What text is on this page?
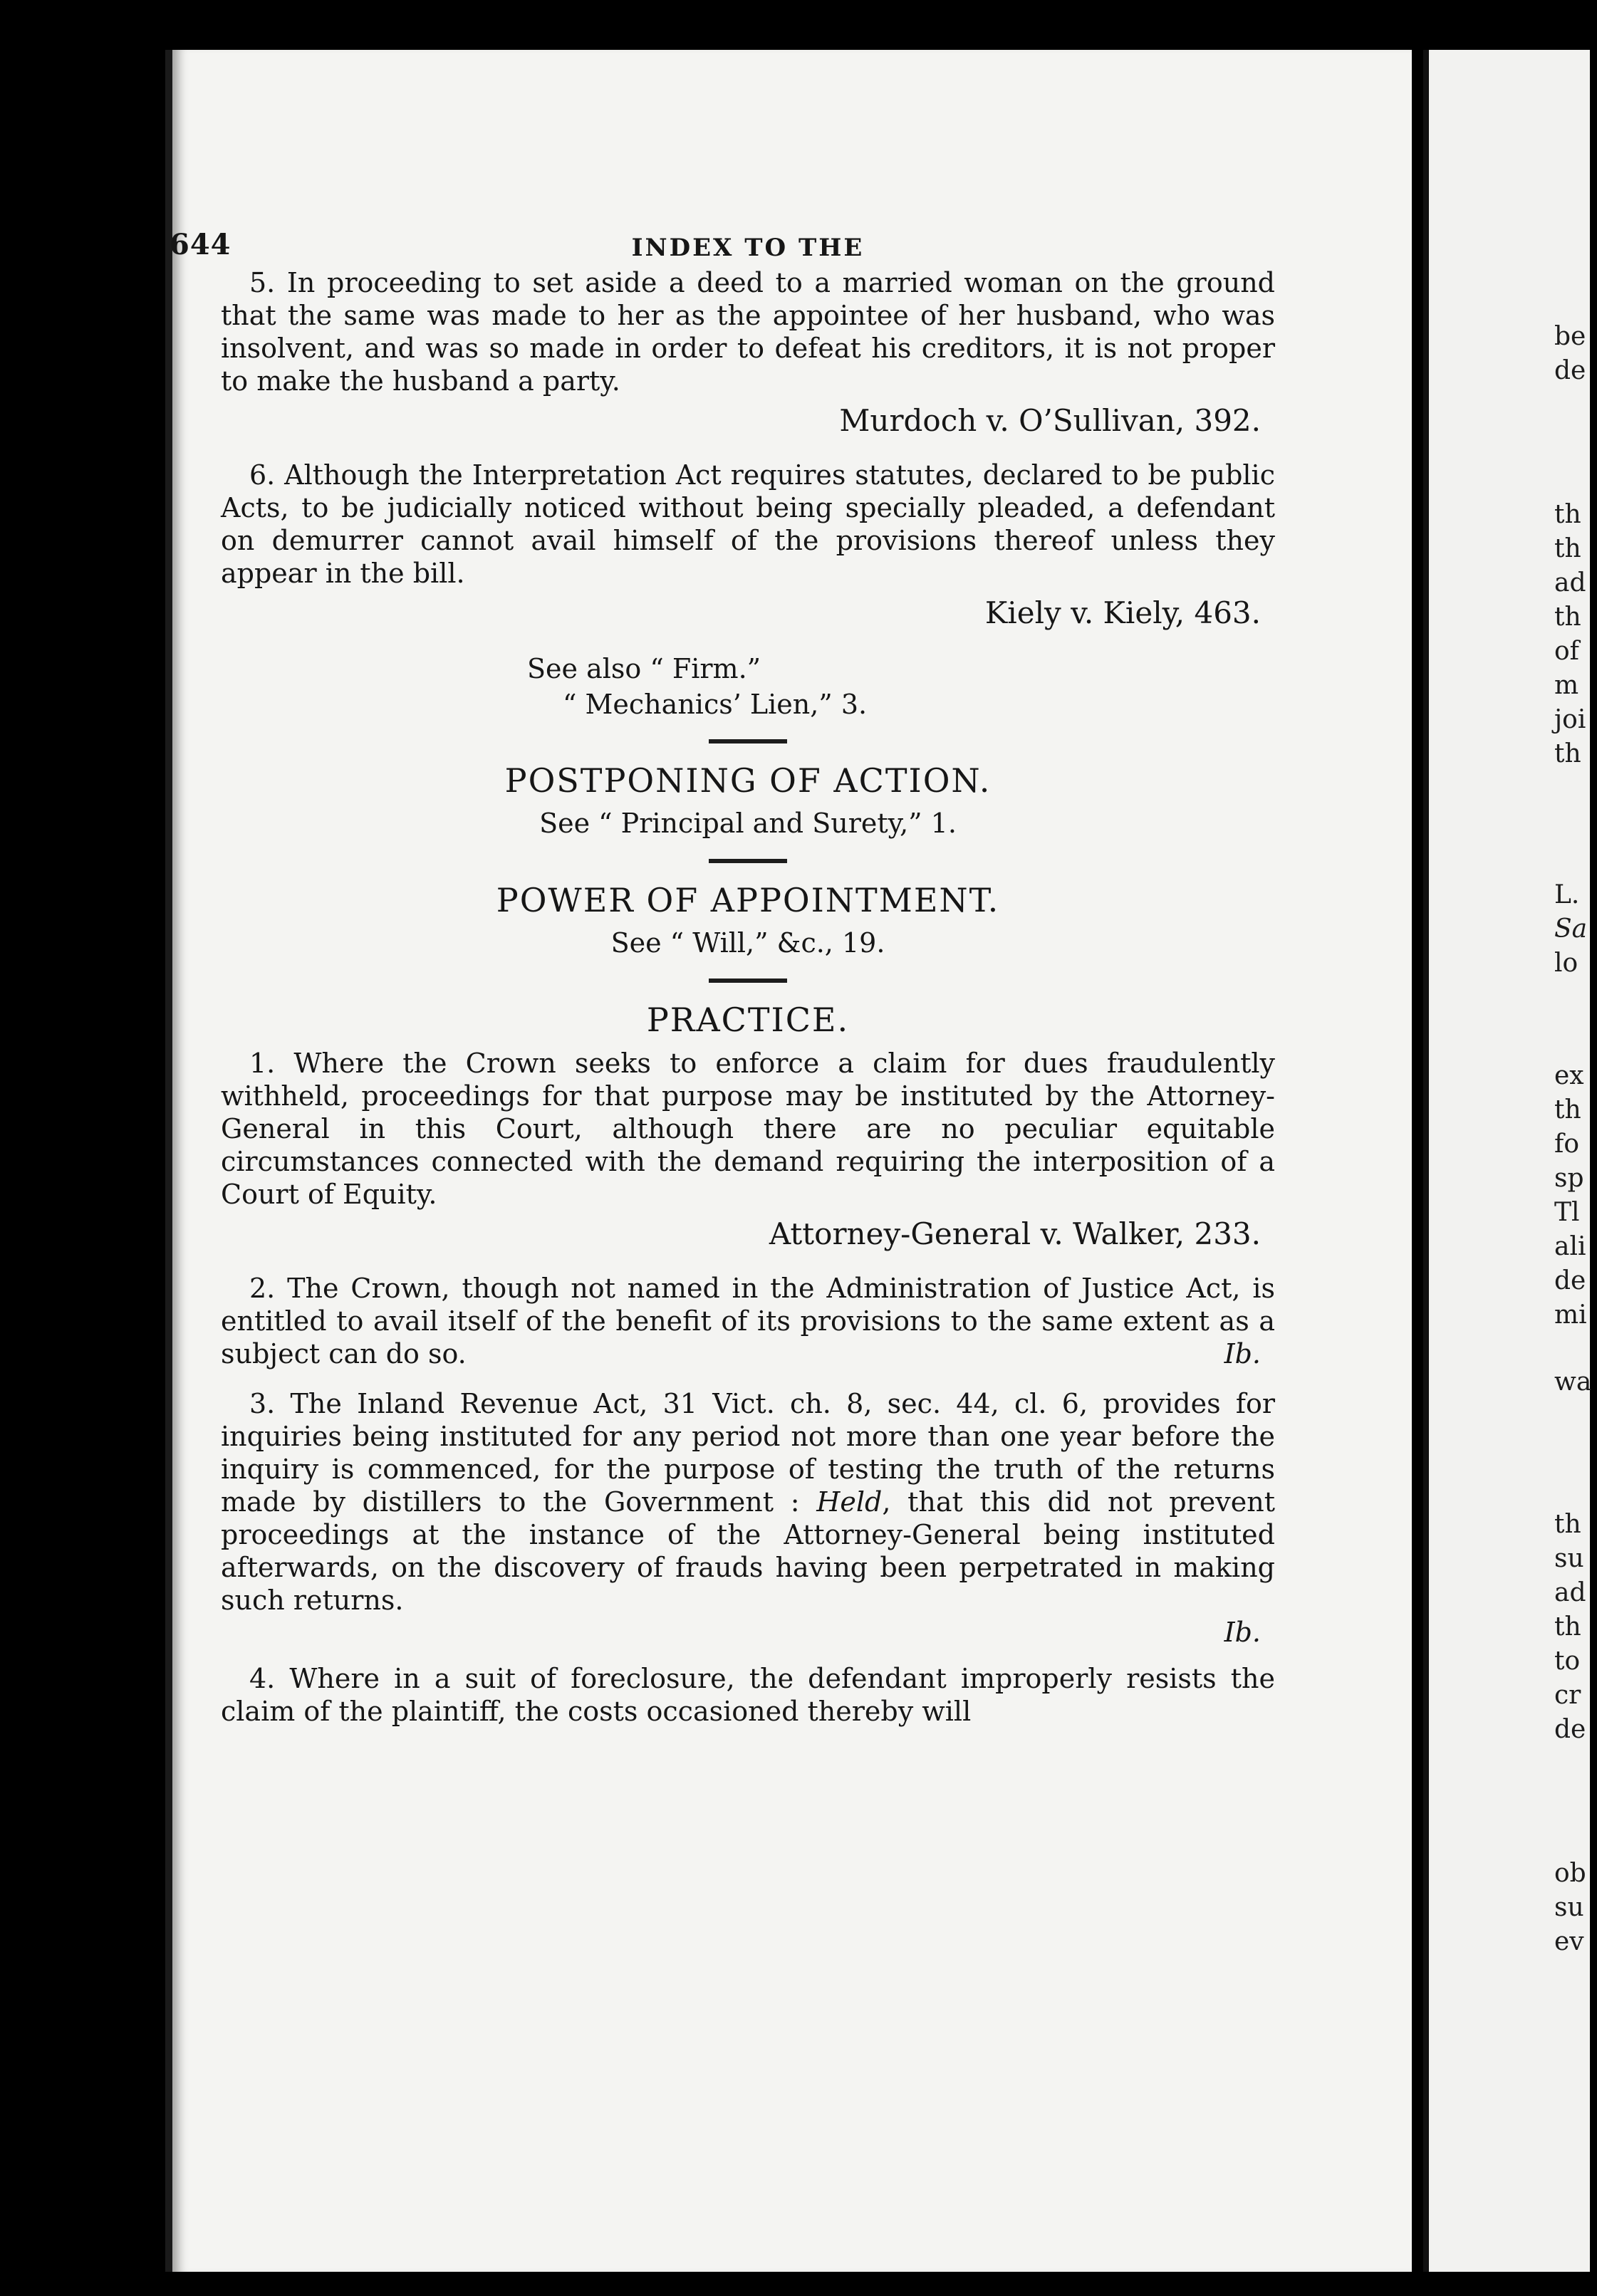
644	INDEX TO THE

5. In proceeding to set aside a deed to a married woman on the ground that the same was made to her as the appointee of her husband, who was insolvent, and was so made in order to defeat his creditors, it is not proper to make the husband a party.

Murdoch v. O’Sullivan, 392.

6. Although the Interpretation Act requires statutes, declared to be public Acts, to be judicially noticed without being specially pleaded, a defendant on demurrer cannot avail himself of the provisions thereof unless they appear in the bill.

Kiely v. Kiely, 463.
See also “ Firm.”
“ Mechanics’ Lien,” 3.
POSTPONING OF ACTION.
See “ Principal and Surety,” 1.
POWER OF APPOINTMENT.
See “ Will,” &c., 19.
PRACTICE.

1. Where the Crown seeks to enforce a claim for dues fraudulently withheld, proceedings for that purpose may be instituted by the Attorney-General in this Court, although there are no peculiar equitable circumstances connected with the demand requiring the interposition of a Court of Equity.

Attorney-General v. Walker, 233.

2. The Crown, though not named in the Administration of Justice Act, is entitled to avail itself of the benefit of its provisions to the same extent as a subject can do so.	Ib.

3. The Inland Revenue Act, 31 Vict. ch. 8, sec. 44, cl. 6, provides for inquiries being instituted for any period not more than one year before the inquiry is commenced, for the purpose of testing the truth of the returns made by distillers to the Government : Held, that this did not prevent proceedings at the instance of the Attorney-General being instituted afterwards, on the discovery of frauds having been perpetrated in making such returns.

Ib.

4. Where in a suit of foreclosure, the defendant improperly resists the claim of the plaintiff, the costs occasioned thereby will

be
de
th
th
ad
th
of
m
joi
th
L.
Sa
lo
ex
th
fo
sp
Tl
ali
de
mi
wa
th
su
ad
th
to
cr
de
ob
su
ev
